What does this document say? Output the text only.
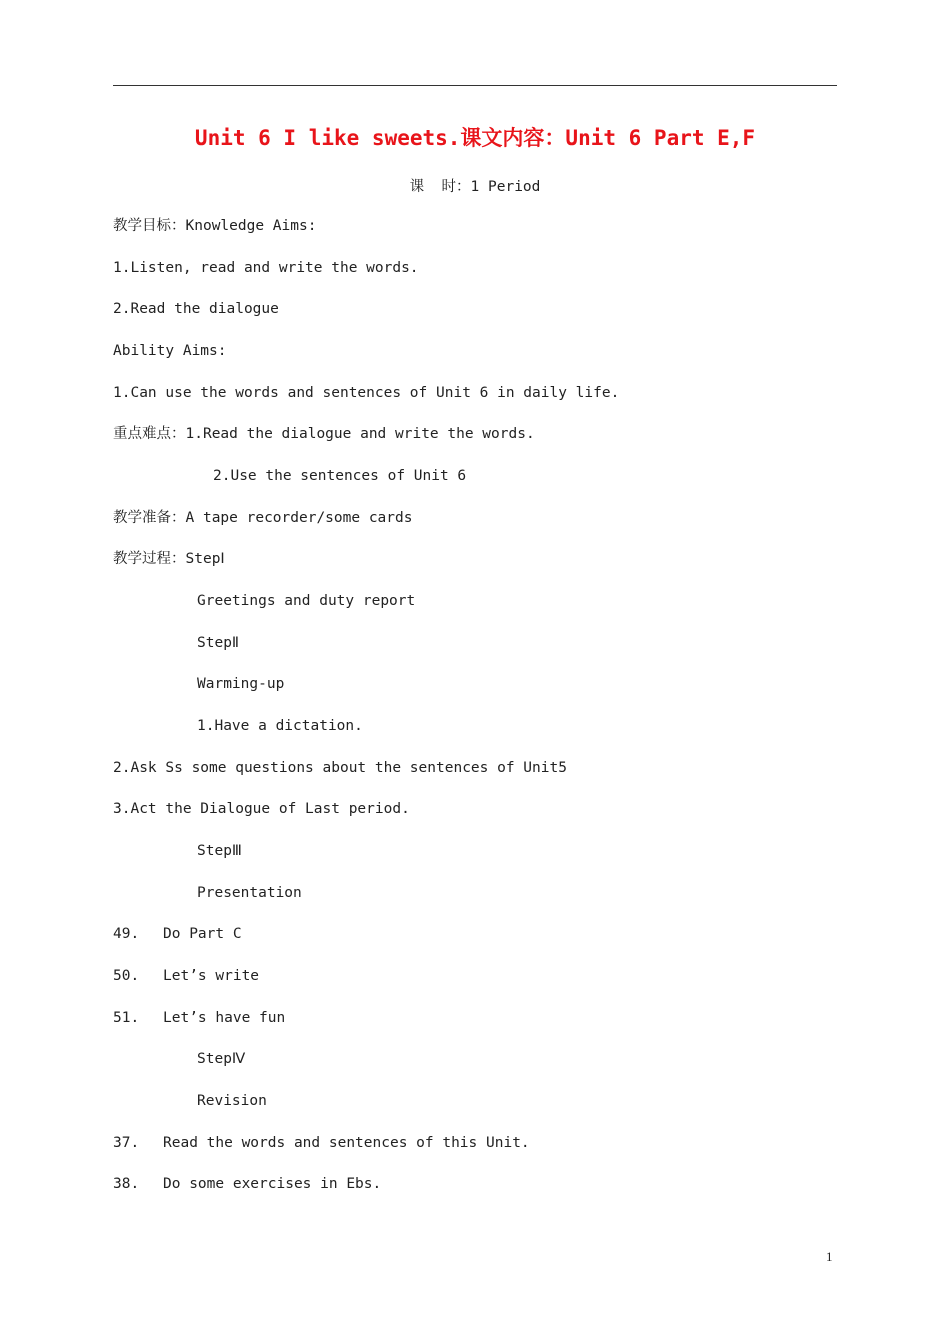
Unit 6 I like sweets.课文内容：Unit 6 Part E,F
课  时：1 Period
教学目标：Knowledge Aims:
1.Listen, read and write the words.
2.Read the dialogue
Ability Aims:
1.Can use the words and sentences of Unit 6 in daily life.
重点难点：1.Read the dialogue and write the words.
2.Use the sentences of Unit 6
教学准备：A tape recorder/some cards
教学过程：StepⅠ
Greetings and duty report
StepⅡ
Warming-up
1.Have a dictation.
2.Ask Ss some questions about the sentences of Unit5
3.Act the Dialogue of Last period.
StepⅢ
Presentation
49. Do Part C
50. Let’s write
51. Let’s have fun
StepⅣ
Revision
37. Read the words and sentences of this Unit.
38. Do some exercises in Ebs.
1
